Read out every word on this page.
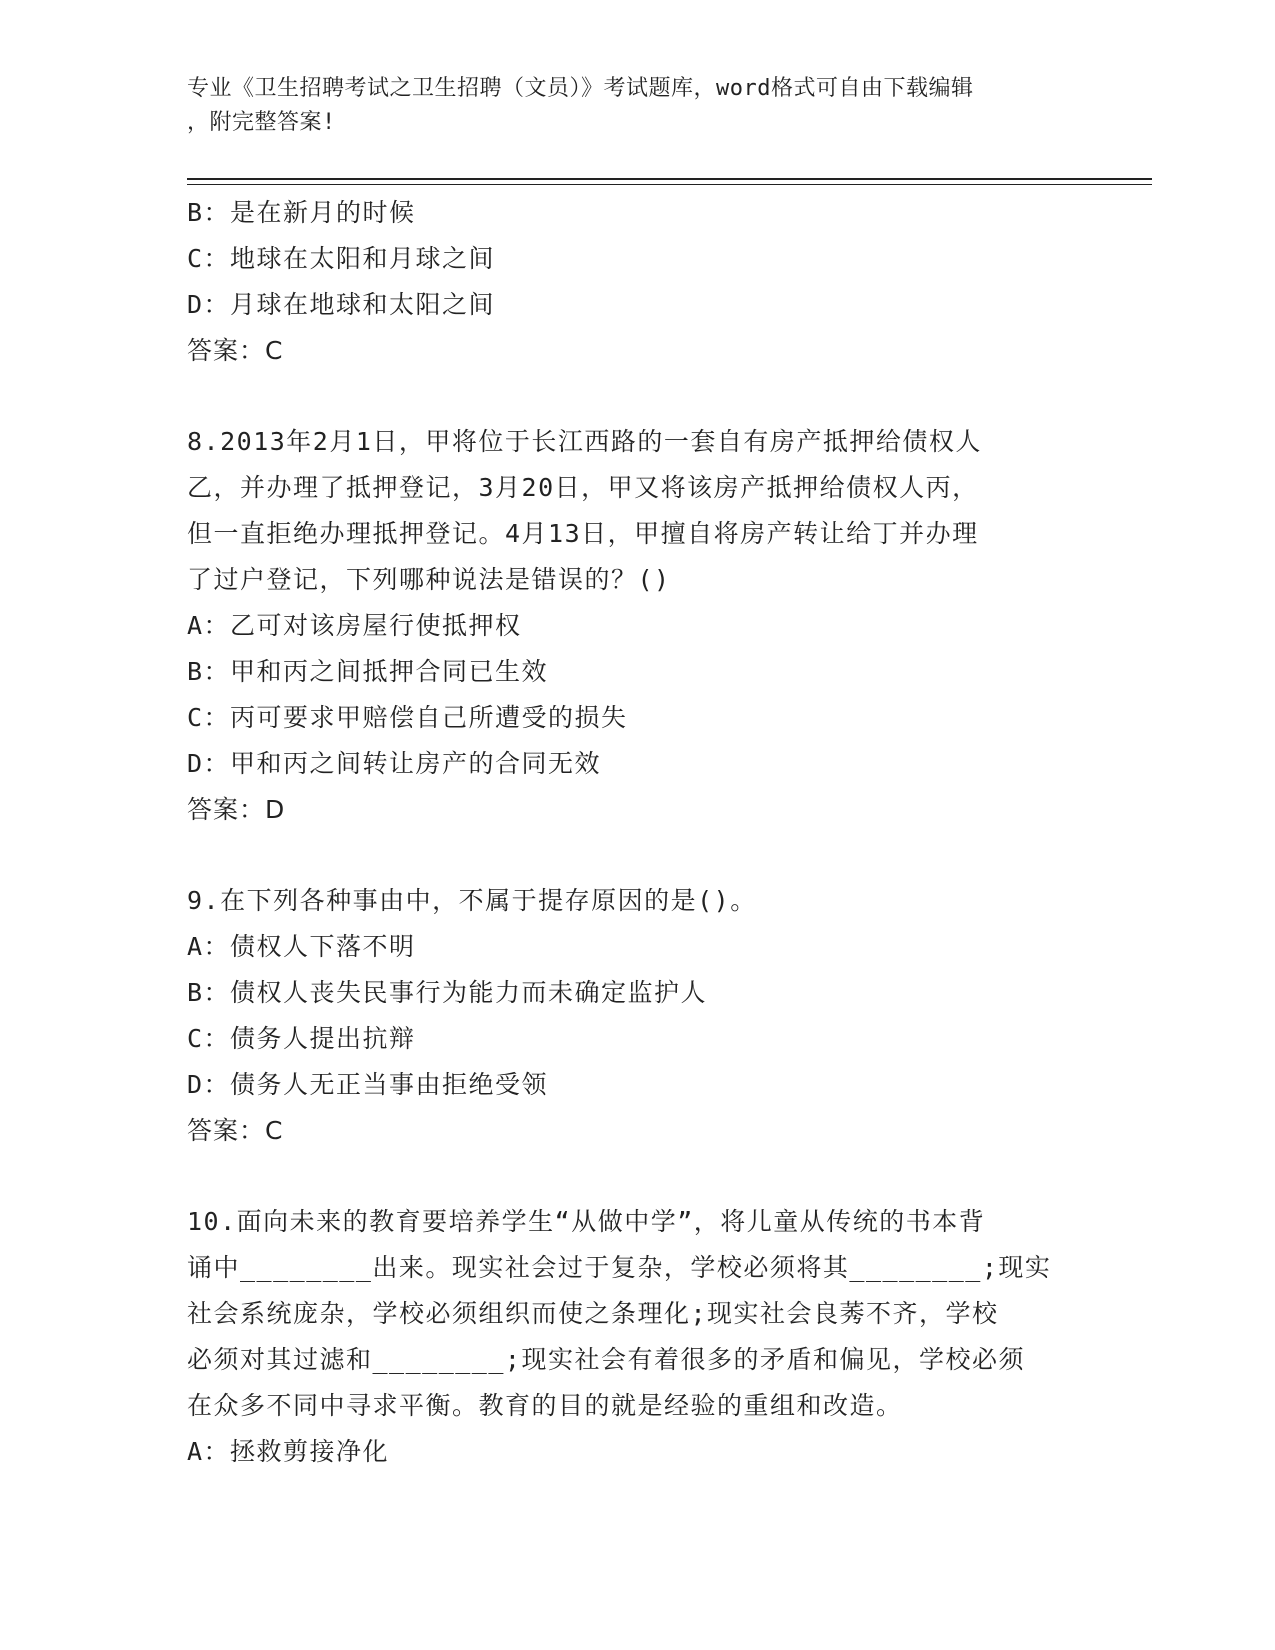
专业《卫生招聘考试之卫生招聘（文员）》考试题库，word格式可自由下载编辑
，附完整答案!
B：是在新月的时候
C：地球在太阳和月球之间
D：月球在地球和太阳之间
答案：C
8.2013年2月1日，甲将位于长江西路的一套自有房产抵押给债权人
乙，并办理了抵押登记，3月20日，甲又将该房产抵押给债权人丙，
但一直拒绝办理抵押登记。4月13日，甲擅自将房产转让给丁并办理
了过户登记，下列哪种说法是错误的？()
A：乙可对该房屋行使抵押权
B：甲和丙之间抵押合同已生效
C：丙可要求甲赔偿自己所遭受的损失
D：甲和丙之间转让房产的合同无效
答案：D
9.在下列各种事由中，不属于提存原因的是()。
A：债权人下落不明
B：债权人丧失民事行为能力而未确定监护人
C：债务人提出抗辩
D：债务人无正当事由拒绝受领
答案：C
10.面向未来的教育要培养学生“从做中学”，将儿童从传统的书本背
诵中________出来。现实社会过于复杂，学校必须将其________;现实
社会系统庞杂，学校必须组织而使之条理化;现实社会良莠不齐，学校
必须对其过滤和________;现实社会有着很多的矛盾和偏见，学校必须
在众多不同中寻求平衡。教育的目的就是经验的重组和改造。
A：拯救剪接净化
